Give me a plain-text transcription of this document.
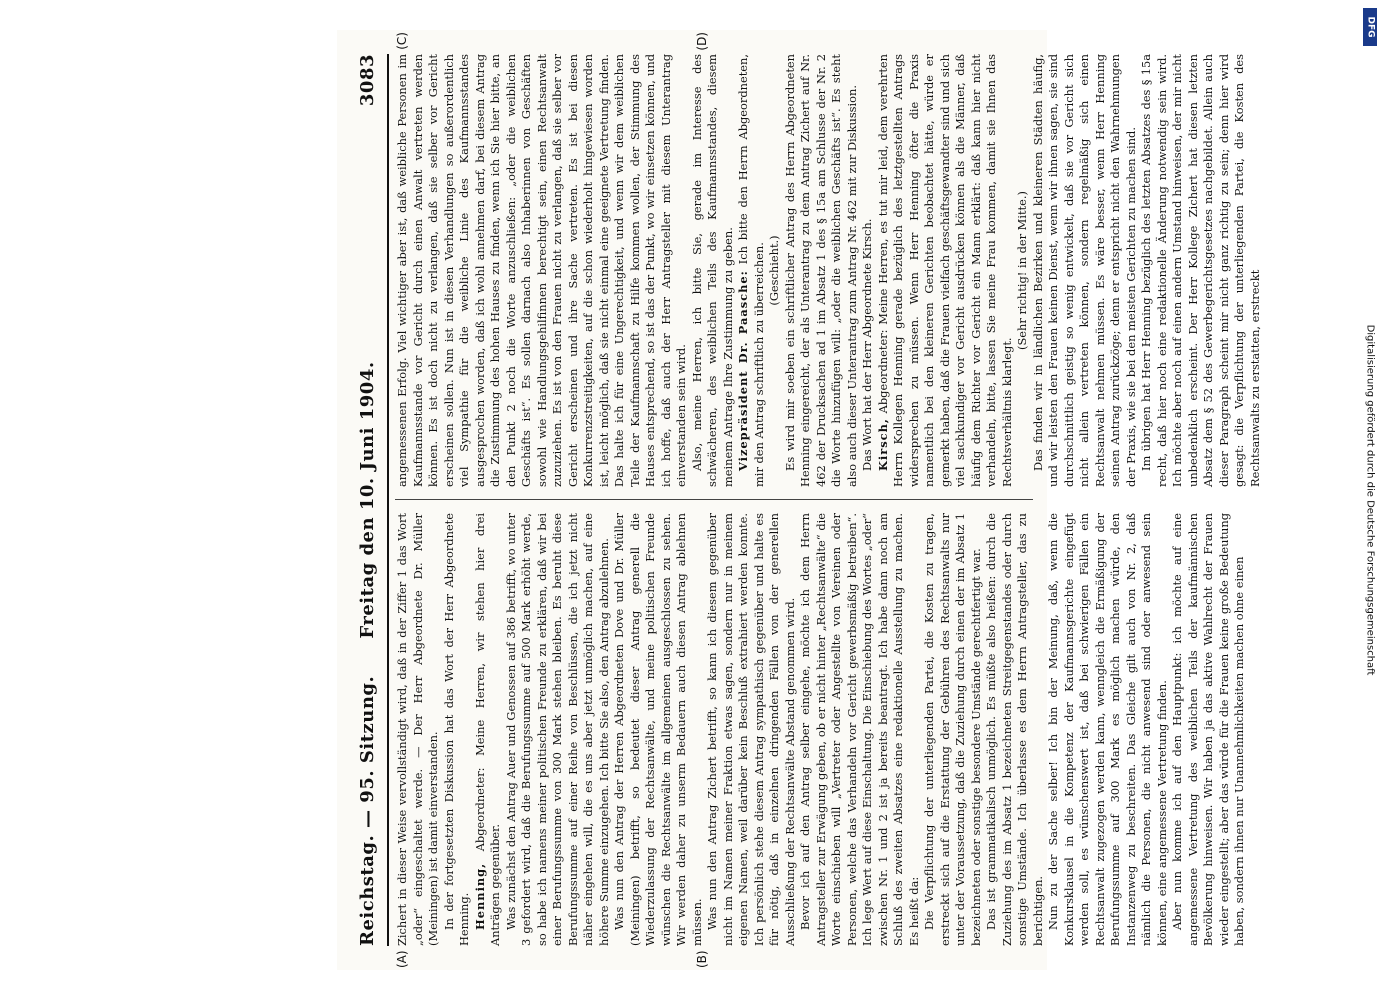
DFG
Digitalisierung gefördert durch die Deutsche Forschungsgemeinschaft
Reichstag. — 95. Sitzung.
Freitag den 10. Juni 1904.
3083
(A)	(B)
(C)	(D)

Zichert in dieser Weise vervollständigt wird, daß in der Ziffer 1 das Wort „oder“ eingeschaltet werde. — Der Herr Abgeordnete Dr. Müller (Meiningen) ist damit einverstanden. In der fortgesetzten Diskussion hat das Wort der Herr Abgeordnete Henning. Henning, Abgeordneter: Meine Herren, wir stehen hier drei Anträgen gegenüber. Was zunächst den Antrag Auer und Genossen auf 386 betrifft, wo unter 3 gefordert wird, daß die Berufungssumme auf 500 Mark erhöht werde, so habe ich namens meiner politischen Freunde zu erklären, daß wir bei einer Berufungssumme von 300 Mark stehen bleiben. Es beruht diese Berufungssumme auf einer Reihe von Beschlüssen, die ich jetzt nicht näher eingehen will, die es uns aber jetzt unmöglich machen, auf eine höhere Summe einzugehen. Ich bitte Sie also, den Antrag abzulehnen. Was nun den Antrag der Herren Abgeordneten Dove und Dr. Müller (Meiningen) betrifft, so bedeutet dieser Antrag generell die Wiederzulassung der Rechtsanwälte, und meine politischen Freunde wünschen die Rechtsanwälte im allgemeinen ausgeschlossen zu sehen. Wir werden daher zu unserm Bedauern auch diesen Antrag ablehnen müssen. Was nun den Antrag Zichert betrifft, so kann ich diesem gegenüber nicht im Namen meiner Fraktion etwas sagen, sondern nur in meinem eigenen Namen, weil darüber kein Beschluß extrahiert werden konnte. Ich persönlich stehe diesem Antrag sympathisch gegenüber und halte es für nötig, daß in einzelnen dringenden Fällen von der generellen Ausschließung der Rechtsanwälte Abstand genommen wird. Bevor ich auf den Antrag selber eingehe, möchte ich dem Herrn Antragsteller zur Erwägung geben, ob er nicht hinter „Rechtsanwälte“ die Worte einschieben will „Vertreter oder Angestellte von Vereinen oder Personen, welche das Verhandeln vor Gericht gewerbsmäßig betreiben“. Ich lege Wert auf diese Einschaltung. Die Einschiebung des Wortes „oder“ zwischen Nr. 1 und 2 ist ja bereits beantragt. Ich habe dann noch am Schluß des zweiten Absatzes eine redaktionelle Ausstellung zu machen. Es heißt da: Die Verpflichtung der unterliegenden Partei, die Kosten zu tragen, erstreckt sich auf die Erstattung der Gebühren des Rechtsanwalts nur unter der Voraussetzung, daß die Zuziehung durch einen der im Absatz 1 bezeichneten oder sonstige besondere Umstände gerechtfertigt war. Das ist grammatikalisch unmöglich. Es müßte also heißen: durch die Zuziehung des im Absatz 1 bezeichneten Streitgegenstandes oder durch sonstige Umstände. Ich überlasse es dem Herrn Antragsteller, das zu berichtigen. Nun zu der Sache selber! Ich bin der Meinung, daß, wenn die Konkursklausel in die Kompetenz der Kaufmannsgerichte eingefügt werden soll, es wünschenswert ist, daß bei schwierigen Fällen ein Rechtsanwalt zugezogen werden kann, wenngleich die Ermäßigung der Berufungssumme auf 300 Mark es möglich machen würde, den Instanzenweg zu beschreiten. Das Gleiche gilt auch von Nr. 2, daß nämlich die Personen, die nicht anwesend sind oder anwesend sein können, eine angemessene Vertretung finden. Aber nun komme ich auf den Hauptpunkt: ich möchte auf eine angemessene Vertretung des weiblichen Teils der kaufmännischen Bevölkerung hinweisen. Wir haben ja das aktive Wahlrecht der Frauen wieder eingestellt; aber das würde für die Frauen keine große Bedeutung haben, sondern ihnen nur Unannehmlichkeiten machen ohne einen

angemessenen Erfolg. Viel wichtiger aber ist, daß weibliche Personen im Kaufmannsstande vor Gericht durch einen Anwalt vertreten werden können. Es ist doch nicht zu verlangen, daß sie selber vor Gericht erscheinen sollen. Nun ist in diesen Verhandlungen so außerordentlich viel Sympathie für die weibliche Linie des Kaufmannsstandes ausgesprochen worden, daß ich wohl annehmen darf, bei diesem Antrag die Zustimmung des hohen Hauses zu finden, wenn ich Sie hier bitte, an den Punkt 2 noch die Worte anzuschließen: „oder die weiblichen Geschäfts ist“. Es sollen darnach also Inhaberinnen von Geschäften sowohl wie Handlungsgehilfinnen berechtigt sein, einen Rechtsanwalt zuzuziehen. Es ist von den Frauen nicht zu verlangen, daß sie selber vor Gericht erscheinen und ihre Sache vertreten. Es ist bei diesen Konkurrenzstreitigkeiten, auf die schon wiederholt hingewiesen worden ist, leicht möglich, daß sie nicht einmal eine geeignete Vertretung finden. Das halte ich für eine Ungerechtigkeit, und wenn wir dem weiblichen Teile der Kaufmannschaft zu Hilfe kommen wollen, der Stimmung des Hauses entsprechend, so ist das der Punkt, wo wir einsetzen können, und ich hoffe, daß auch der Herr Antragsteller mit diesem Unterantrag einverstanden sein wird. Also, meine Herren, ich bitte Sie, gerade im Interesse des schwächeren, des weiblichen Teils des Kaufmannsstandes, diesem meinem Antrage Ihre Zustimmung zu geben. Vizepräsident Dr. Paasche: Ich bitte den Herrn Abgeordneten, mir den Antrag schriftlich zu überreichen. (Geschieht.) Es wird mir soeben ein schriftlicher Antrag des Herrn Abgeordneten Henning eingereicht, der als Unterantrag zu dem Antrag Zichert auf Nr. 462 der Drucksachen ad 1 im Absatz 1 des § 15a am Schlusse der Nr. 2 die Worte hinzufügen will: „oder die weiblichen Geschäfts ist“. Es steht also auch dieser Unterantrag zum Antrag Nr. 462 mit zur Diskussion. Das Wort hat der Herr Abgeordnete Kirsch. Kirsch, Abgeordneter: Meine Herren, es tut mir leid, dem verehrten Herrn Kollegen Henning gerade bezüglich des letztgestellten Antrags widersprechen zu müssen. Wenn Herr Henning öfter die Praxis namentlich bei den kleineren Gerichten beobachtet hätte, würde er gemerkt haben, daß die Frauen vielfach geschäftsgewandter sind und sich viel sachkundiger vor Gericht ausdrücken können als die Männer, daß häufig dem Richter vor Gericht ein Mann erklärt: daß kann hier nicht verhandeln, bitte, lassen Sie meine Frau kommen, damit sie Ihnen das Rechtsverhältnis klarlegt.

(Sehr richtig! in der Mitte.) Das finden wir in ländlichen Bezirken und kleineren Städten häufig, und wir leisten den Frauen keinen Dienst, wenn wir ihnen sagen, sie sind durchschnittlich geistig so wenig entwickelt, daß sie vor Gericht sich nicht allein vertreten können, sondern regelmäßig sich einen Rechtsanwalt nehmen müssen. Es wäre besser, wenn Herr Henning seinen Antrag zurückzöge; denn er entspricht nicht den Wahrnehmungen der Praxis, wie sie bei den meisten Gerichten zu machen sind. Im übrigen hat Herr Henning bezüglich des letzten Absatzes des § 15a recht, daß hier noch eine redaktionelle Änderung notwendig sein wird. Ich möchte aber noch auf einen andern Umstand hinweisen, der mir nicht unbedenklich erscheint. Der Herr Kollege Zichert hat diesen letzten Absatz dem § 52 des Gewerbegerichtsgesetzes nachgebildet. Allein auch dieser Paragraph scheint mir nicht ganz richtig zu sein; denn hier wird gesagt: die Verpflichtung der unterliegenden Partei, die Kosten des Rechtsanwalts zu erstatten, erstreckt
